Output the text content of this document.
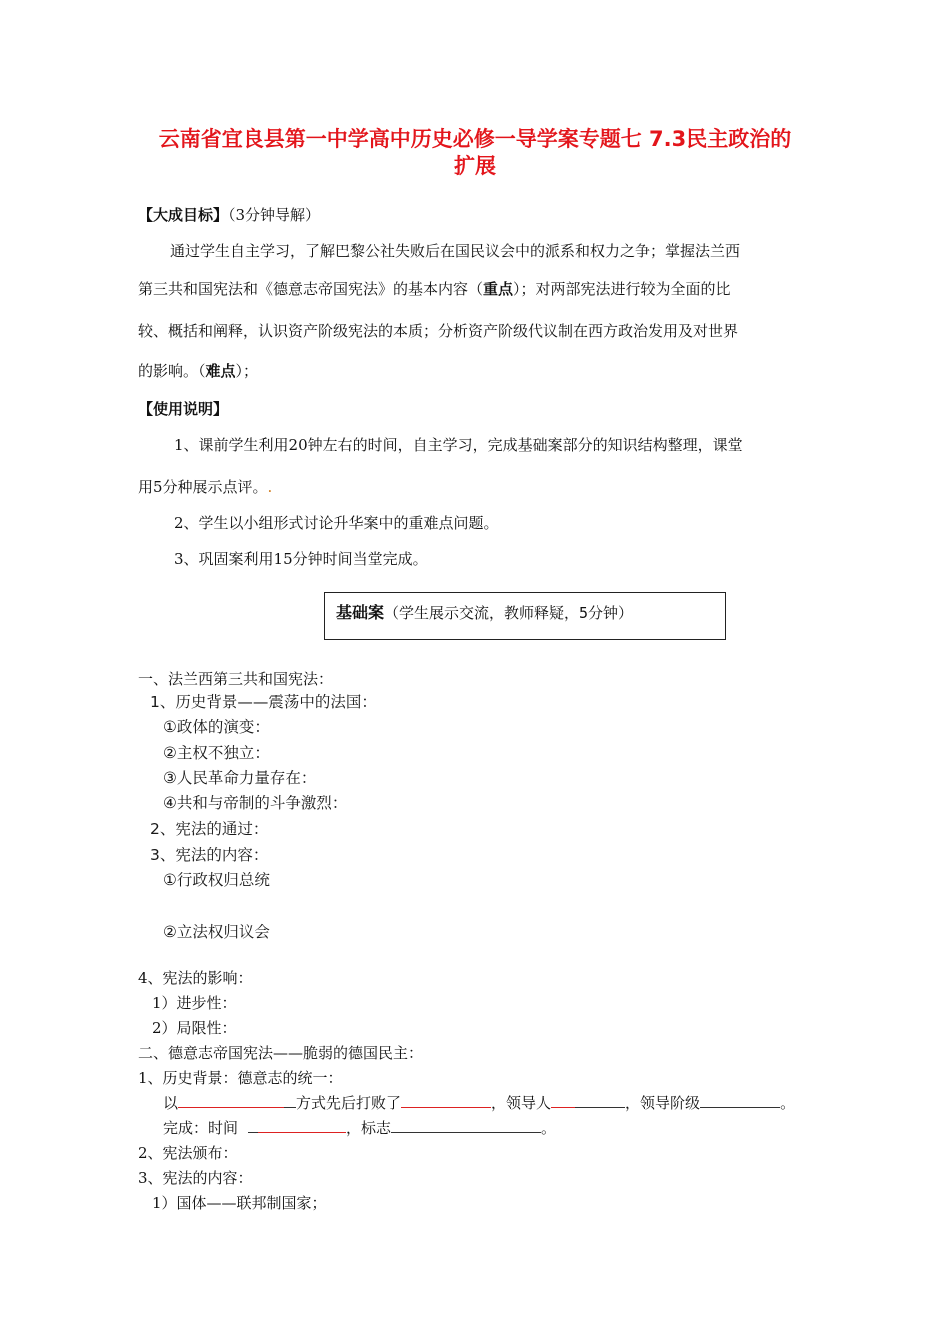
云南省宜良县第一中学高中历史必修一导学案专题七 7.3民主政治的
扩展
【大成目标】（3分钟导解）
通过学生自主学习，了解巴黎公社失败后在国民议会中的派系和权力之争；掌握法兰西
第三共和国宪法和《德意志帝国宪法》的基本内容（重点）；对两部宪法进行较为全面的比
较、概括和阐释，认识资产阶级宪法的本质；分析资产阶级代议制在西方政治发用及对世界
的影响。（难点）；
【使用说明】
1、课前学生利用20钟左右的时间，自主学习，完成基础案部分的知识结构整理，课堂
用5分种展示点评。.
2、学生以小组形式讨论升华案中的重难点问题。
3、巩固案利用15分钟时间当堂完成。
基础案（学生展示交流，教师释疑，5分钟）
一、法兰西第三共和国宪法：
1、历史背景——震荡中的法国：
①政体的演变：
②主权不独立：
③人民革命力量存在：
④共和与帝制的斗争激烈：
2、宪法的通过：
3、宪法的内容：
①行政权归总统
②立法权归议会
4、宪法的影响：
1）进步性：
2）局限性：
二、德意志帝国宪法——脆弱的德国民主：
1、历史背景：德意志的统一：
以	方式先后打败了	，领导人	，领导阶级	。
完成：时间	，标志	。
2、宪法颁布：
3、宪法的内容：
1）国体——联邦制国家；
